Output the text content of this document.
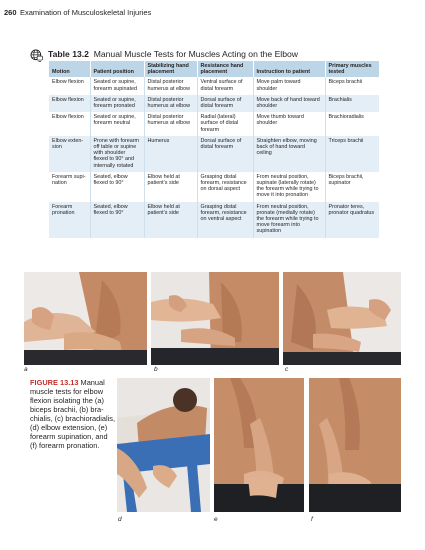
260 Examination of Musculoskeletal Injuries
Table 13.2 Manual Muscle Tests for Muscles Acting on the Elbow
Motion	Patient position	Stabilizing hand placement	Resistance hand placement	Instruction to patient	Primary muscles tested
Elbow flexion	Seated or supine, forearm supinated	Distal posterior humerus at elbow	Ventral surface of distal forearm	Move palm toward shoulder	Biceps brachii
Elbow flexion	Seated or supine, forearm pronated	Distal posterior humerus at elbow	Dorsal surface of distal forearm	Move back of hand toward shoulder	Brachialis
Elbow flexion	Seated or supine, forearm neutral	Distal posterior humerus at elbow	Radial (lateral) surface of distal forearm	Move thumb toward shoulder	Brachioradialis
Elbow extension	Prone with forearm off table or supine with shoulder flexed to 90° and internally rotated	Humerus	Dorsal surface of distal forearm	Straighten elbow, moving back of hand toward ceiling	Triceps brachii
Forearm supination	Seated, elbow flexed to 90°	Elbow held at patient’s side	Grasping distal forearm, resistance on dorsal aspect	From neutral position, supinate (laterally rotate) the forearm while trying to move it into pronation	Biceps brachii, supinator
Forearm pronation	Seated, elbow flexed to 90°	Elbow held at patient’s side	Grasping distal forearm, resistance on ventral aspect	From neutral position, pronate (medially rotate) the forearm while trying to move forearm into supination	Pronator teres, pronator quadratus
a	b	c
FIGURE 13.13 Manual muscle tests for elbow flexion isolating the (a) biceps brachii, (b) brachialis, (c) brachioradialis, (d) elbow extension, (e) forearm supination, and (f) forearm pronation.
d	e	f
